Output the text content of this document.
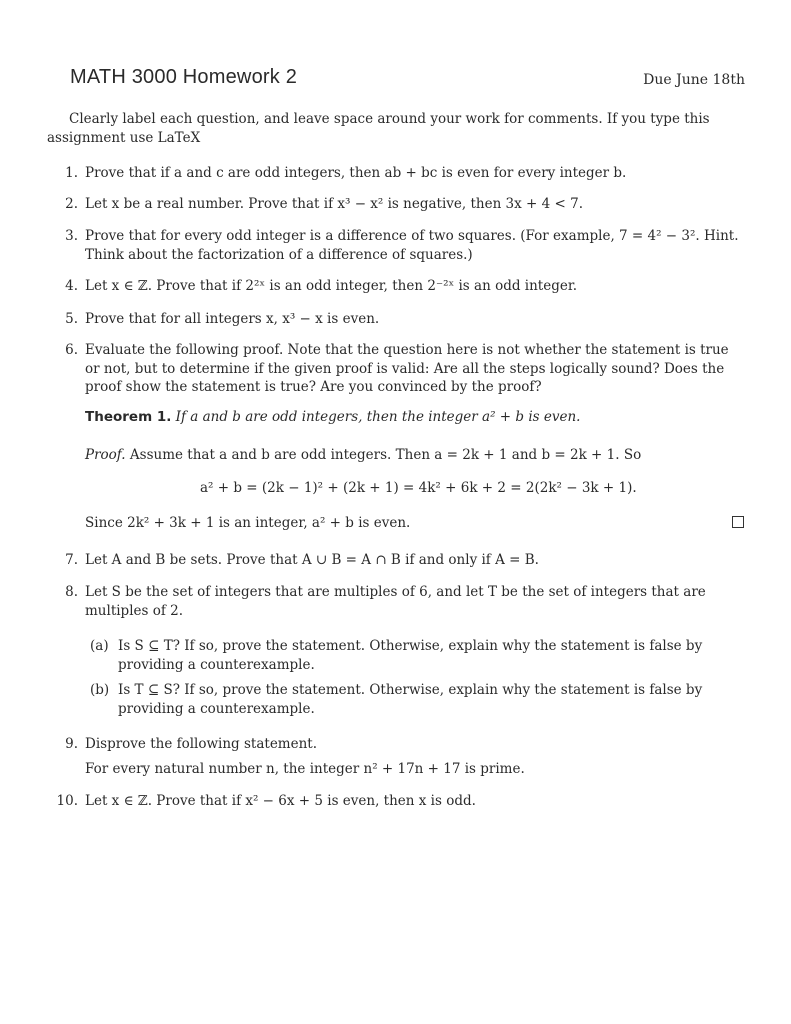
MATH 3000 Homework 2	Due June 18th
Clearly label each question, and leave space around your work for comments. If you type this assignment use LaTeX
1. Prove that if a and c are odd integers, then ab + bc is even for every integer b.
2. Let x be a real number. Prove that if x³ − x² is negative, then 3x + 4 < 7.
3. Prove that for every odd integer is a difference of two squares. (For example, 7 = 4² − 3². Hint. Think about the factorization of a difference of squares.)
4. Let x ∈ ℤ. Prove that if 2²ˣ is an odd integer, then 2⁻²ˣ is an odd integer.
5. Prove that for all integers x, x³ − x is even.
6. Evaluate the following proof. Note that the question here is not whether the statement is true or not, but to determine if the given proof is valid: Are all the steps logically sound? Does the proof show the statement is true? Are you convinced by the proof?
Theorem 1. If a and b are odd integers, then the integer a² + b is even.
Proof. Assume that a and b are odd integers. Then a = 2k + 1 and b = 2k + 1. So
a² + b = (2k − 1)² + (2k + 1) = 4k² + 6k + 2 = 2(2k² − 3k + 1).
Since 2k² + 3k + 1 is an integer, a² + b is even.
7. Let A and B be sets. Prove that A ∪ B = A ∩ B if and only if A = B.
8. Let S be the set of integers that are multiples of 6, and let T be the set of integers that are multiples of 2.
(a) Is S ⊆ T? If so, prove the statement. Otherwise, explain why the statement is false by providing a counterexample.
(b) Is T ⊆ S? If so, prove the statement. Otherwise, explain why the statement is false by providing a counterexample.
9. Disprove the following statement.
For every natural number n, the integer n² + 17n + 17 is prime.
10. Let x ∈ ℤ. Prove that if x² − 6x + 5 is even, then x is odd.
